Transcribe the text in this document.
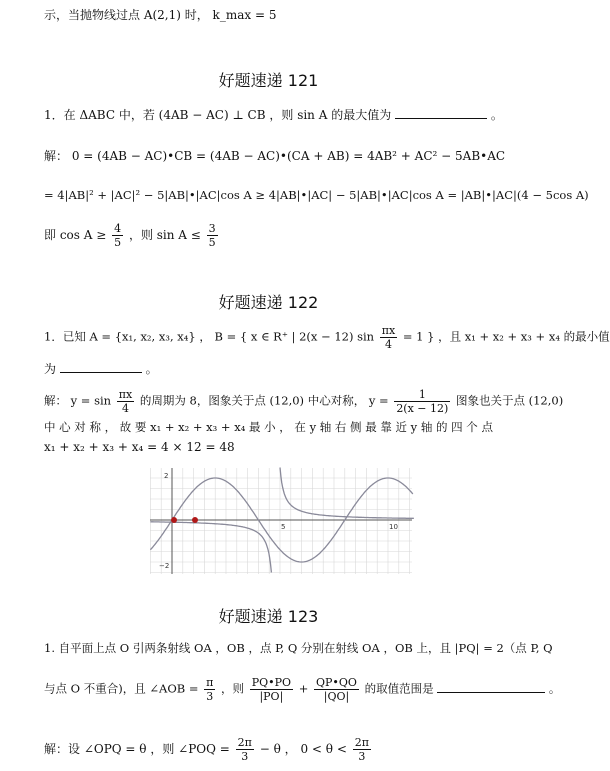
示，当抛物线过点 A(2,1) 时， k_max = 5
好题速递 121
1．在 ΔABC 中，若 (4AB − AC) ⊥ CB ，则 sin A 的最大值为	。
解： 0 = (4AB − AC)•CB = (4AB − AC)•(CA + AB) = 4AB² + AC² − 5AB•AC
= 4|AB|² + |AC|² − 5|AB|•|AC|cos A ≥ 4|AB|•|AC| − 5|AB|•|AC|cos A = |AB|•|AC|(4 − 5cos A)
即 $\cos A \ge \frac{4}{5}$ ，则 $\sin A \le \frac{3}{5}$
好题速递 122
1．已知 A = {x₁, x₂, x₃, x₄} ， B = { x ∈ R⁺ | 2(x − 12) $\sin \frac{\pi x}{4} = 1$ } ，且 x₁ + x₂ + x₃ + x₄ 的最小值
为	。
解： $y = \sin \frac{\pi x}{4}$ 的周期为 8，图象关于点 (12,0) 中心对称， $y = \frac{1}{2(x - 12)}$ 图象也关于点 (12,0)
中 心 对 称 ， 故 要 x₁ + x₂ + x₃ + x₄ 最 小 ， 在 y 轴 右 侧 最 靠 近 y 轴 的 四 个 点
x₁ + x₂ + x₃ + x₄ = 4 × 12 = 48
2
−2
5	10
好题速递 123
1. 自平面上点 O 引两条射线 OA ，OB ，点 P, Q 分别在射线 OA ，OB 上，且 |PQ| = 2（点 P, Q
与点 O 不重合)，且 ∠AOB = $\frac{\pi}{3}$ ，则 $\frac{PQ•PO}{|PO|} + \frac{QP•QO}{|QO|}$ 的取值范围是	。
解：设 ∠OPQ = θ ，则 ∠POQ = $\frac{2\pi}{3} - \theta$ ， $0 < \theta < \frac{2\pi}{3}$
